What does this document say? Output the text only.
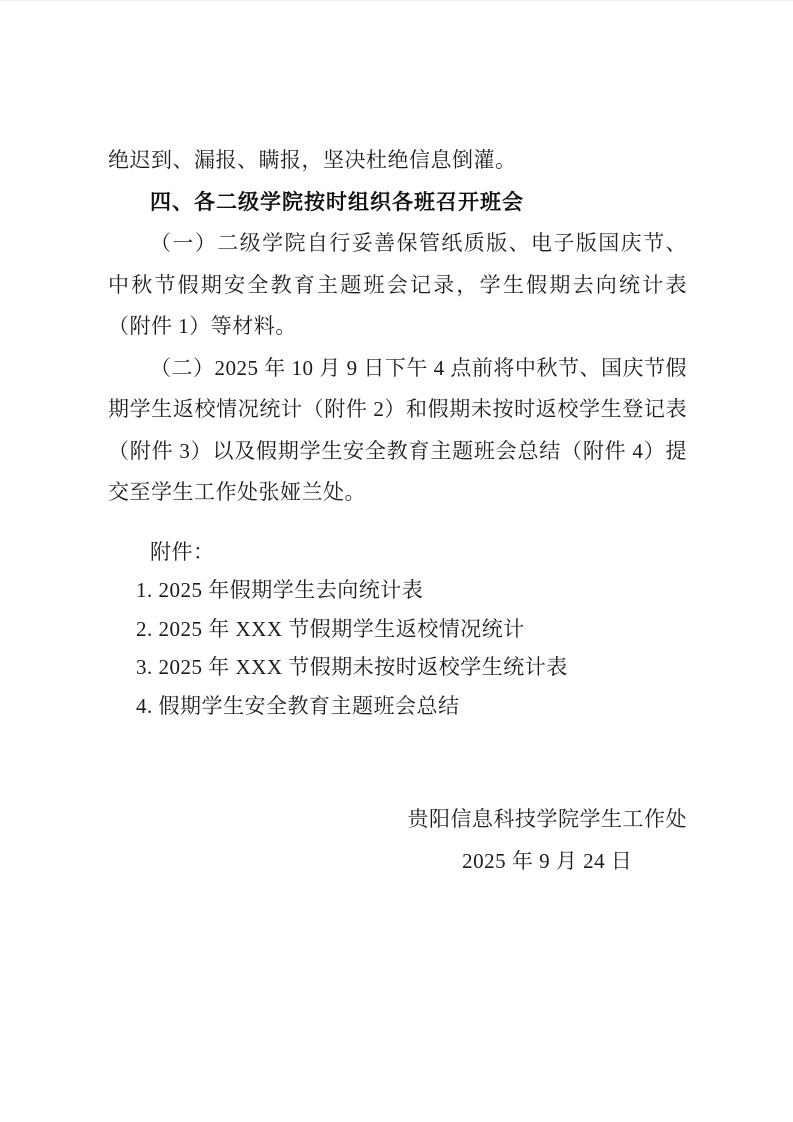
绝迟到、漏报、瞒报，坚决杜绝信息倒灌。

四、各二级学院按时组织各班召开班会

（一）二级学院自行妥善保管纸质版、电子版国庆节、中秋节假期安全教育主题班会记录，学生假期去向统计表（附件 1）等材料。

（二）2025 年 10 月 9 日下午 4 点前将中秋节、国庆节假期学生返校情况统计（附件 2）和假期未按时返校学生登记表（附件 3）以及假期学生安全教育主题班会总结（附件 4）提交至学生工作处张娅兰处。

附件：
1. 2025 年假期学生去向统计表
2. 2025 年 XXX 节假期学生返校情况统计
3. 2025 年 XXX 节假期未按时返校学生统计表
4. 假期学生安全教育主题班会总结
贵阳信息科技学院学生工作处
2025 年 9 月 24 日
